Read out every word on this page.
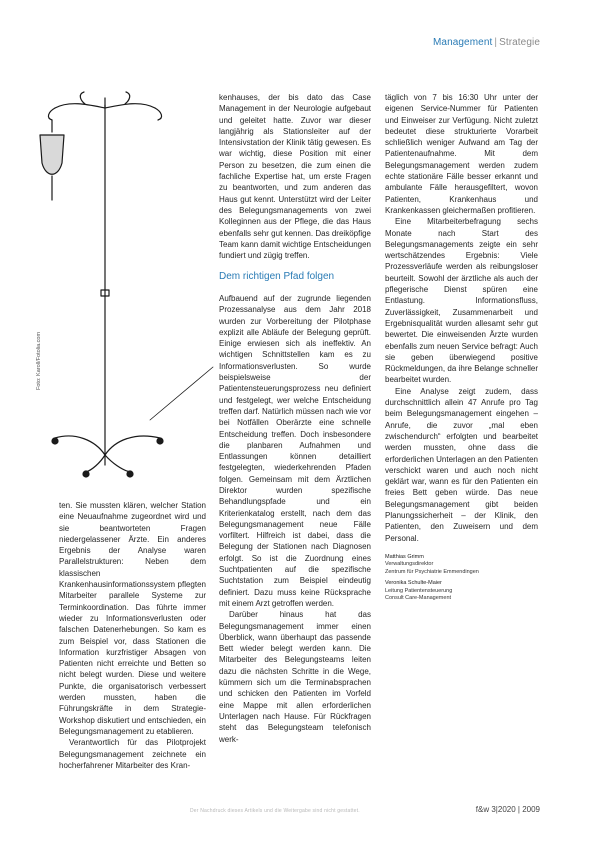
Management | Strategie
Foto: Karoll/Fotolia.com

ten. Sie mussten klären, welcher Station eine Neuaufnahme zugeordnet wird und sie beantworteten Fragen niedergelassener Ärzte. Ein anderes Ergebnis der Analyse waren Parallelstrukturen: Neben dem klassischen Krankenhausinformationssystem pflegten Mitarbeiter parallele Systeme zur Terminkoordination. Das führte immer wieder zu Informationsverlusten oder falschen Datenerhebungen. So kam es zum Beispiel vor, dass Stationen die Information kurzfristiger Absagen von Patienten nicht erreichte und Betten so nicht belegt wurden. Diese und weitere Punkte, die organisatorisch verbessert werden mussten, haben die Führungskräfte in dem Strategie-Workshop diskutiert und entschieden, ein Belegungsmanagement zu etablieren.

Verantwortlich für das Pilotprojekt Belegungsmanagement zeichnete ein hocherfahrener Mitarbeiter des Kran-

kenhauses, der bis dato das Case Management in der Neurologie aufgebaut und geleitet hatte. Zuvor war dieser langjährig als Stationsleiter auf der Intensivstation der Klinik tätig gewesen. Es war wichtig, diese Position mit einer Person zu besetzen, die zum einen die fachliche Expertise hat, um erste Fragen zu beantworten, und zum anderen das Haus gut kennt. Unterstützt wird der Leiter des Belegungsmanagements von zwei Kolleginnen aus der Pflege, die das Haus ebenfalls sehr gut kennen. Das dreiköpfige Team kann damit wichtige Entscheidungen fundiert und zügig treffen.

Dem richtigen Pfad folgen

Aufbauend auf der zugrunde liegenden Prozessanalyse aus dem Jahr 2018 wurden zur Vorbereitung der Pilotphase explizit alle Abläufe der Belegung geprüft. Einige erwiesen sich als ineffektiv. An wichtigen Schnittstellen kam es zu Informationsverlusten. So wurde beispielsweise der Patientensteuerungsprozess neu definiert und festgelegt, wer welche Entscheidung treffen darf. Natürlich müssen nach wie vor bei Notfällen Oberärzte eine schnelle Entscheidung treffen. Doch insbesondere die planbaren Aufnahmen und Entlassungen können detailliert festgelegten, wiederkehrenden Pfaden folgen. Gemeinsam mit dem Ärztlichen Direktor wurden spezifische Behandlungspfade und ein Kriterienkatalog erstellt, nach dem das Belegungsmanagement neue Fälle vorfiltert. Hilfreich ist dabei, dass die Belegung der Stationen nach Diagnosen erfolgt. So ist die Zuordnung eines Suchtpatienten auf die spezifische Suchtstation zum Beispiel eindeutig definiert. Dazu muss keine Rücksprache mit einem Arzt getroffen werden.

Darüber hinaus hat das Belegungsmanagement immer einen Überblick, wann überhaupt das passende Bett wieder belegt werden kann. Die Mitarbeiter des Belegungsteams leiten dazu die nächsten Schritte in die Wege, kümmern sich um die Terminabsprachen und schicken den Patienten im Vorfeld eine Mappe mit allen erforderlichen Unterlagen nach Hause. Für Rückfragen steht das Belegungsteam telefonisch werk-

täglich von 7 bis 16:30 Uhr unter der eigenen Service-Nummer für Patienten und Einweiser zur Verfügung. Nicht zuletzt bedeutet diese strukturierte Vorarbeit schließlich weniger Aufwand am Tag der Patientenaufnahme. Mit dem Belegungsmanagement werden zudem echte stationäre Fälle besser erkannt und ambulante Fälle herausgefiltert, wovon Patienten, Krankenhaus und Krankenkassen gleichermaßen profitieren.

Eine Mitarbeiterbefragung sechs Monate nach Start des Belegungsmanagements zeigte ein sehr wertschätzendes Ergebnis: Viele Prozessverläufe werden als reibungsloser beurteilt. Sowohl der ärztliche als auch der pflegerische Dienst spüren eine Entlastung. Informationsfluss, Zuverlässigkeit, Zusammenarbeit und Ergebnisqualität wurden allesamt sehr gut bewertet. Die einweisenden Ärzte wurden ebenfalls zum neuen Service befragt: Auch sie geben überwiegend positive Rückmeldungen, da ihre Belange schneller bearbeitet wurden.

Eine Analyse zeigt zudem, dass durchschnittlich allein 47 Anrufe pro Tag beim Belegungsmanagement eingehen – Anrufe, die zuvor „mal eben zwischendurch“ erfolgten und bearbeitet werden mussten, ohne dass die erforderlichen Unterlagen an den Patienten verschickt waren und auch noch nicht geklärt war, wann es für den Patienten ein freies Bett geben würde. Das neue Belegungsmanagement gibt beiden Planungssicherheit – der Klinik, den Patienten, den Zuweisern und dem Personal.

Matthias Grimm
Verwaltungsdirektor
Zentrum für Psychiatrie Emmendingen
Veronika Schulte-Maier
Leitung Patientensteuerung
Consult Care-Management
Der Nachdruck dieses Artikels und die Weitergabe sind nicht gestattet.	f&w 3|2020 | 2009
